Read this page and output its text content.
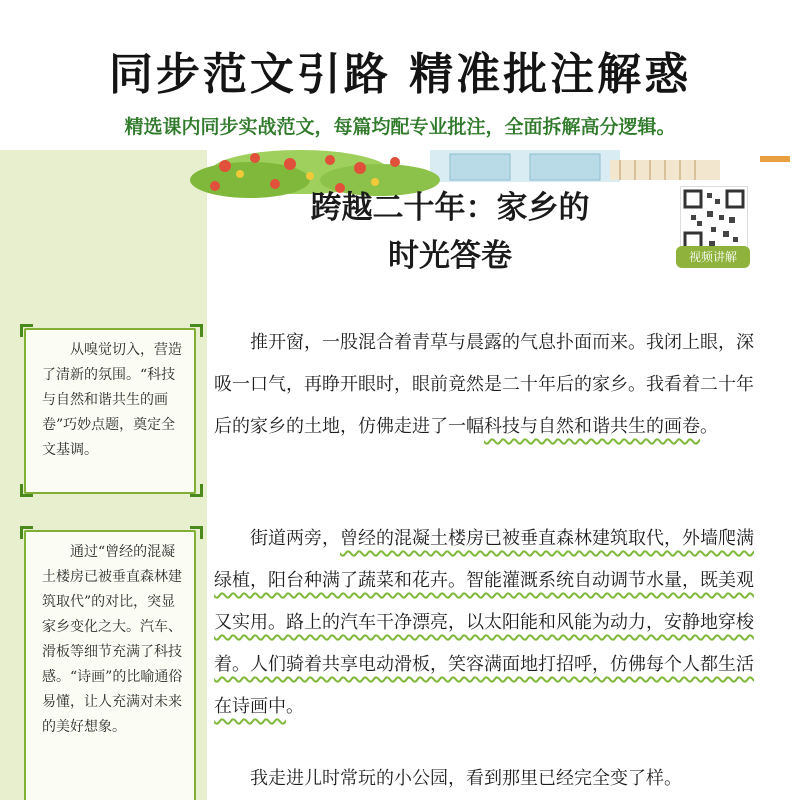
同步范文引路 精准批注解惑
精选课内同步实战范文，每篇均配专业批注，全面拆解高分逻辑。
跨越二十年：家乡的
时光答卷	视频讲解

从嗅觉切入，营造了清新的氛围。“科技与自然和谐共生的画卷”巧妙点题，奠定全文基调。

通过“曾经的混凝土楼房已被垂直森林建筑取代”的对比，突显家乡变化之大。汽车、滑板等细节充满了科技感。“诗画”的比喻通俗易懂，让人充满对未来的美好想象。

推开窗，一股混合着青草与晨露的气息扑面而来。我闭上眼，深吸一口气，再睁开眼时，眼前竟然是二十年后的家乡。我看着二十年后的家乡的土地，仿佛走进了一幅科技与自然和谐共生的画卷。

街道两旁，曾经的混凝土楼房已被垂直森林建筑取代，外墙爬满绿植，阳台种满了蔬菜和花卉。智能灌溉系统自动调节水量，既美观又实用。路上的汽车干净漂亮，以太阳能和风能为动力，安静地穿梭着。人们骑着共享电动滑板，笑容满面地打招呼，仿佛每个人都生活在诗画中。

我走进儿时常玩的小公园，看到那里已经完全变了样。
